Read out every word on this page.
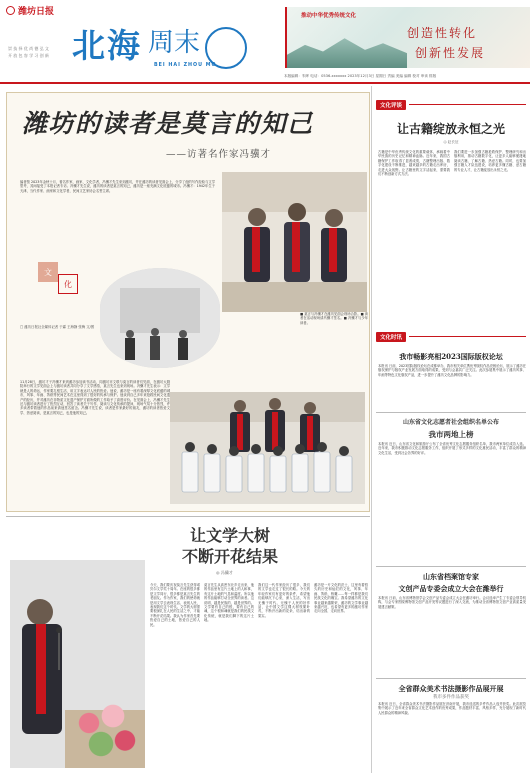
潍坊日报
崇 技 择 优 尚 德 弘 文 开 放 包 容 学 习 创 新 北海 周末
BEI HAI ZHOU MO
推动中华优秀传统文化
创造性转化
创新性发展
本版编辑：朱晖 电话：0536-xxxxxxx 2023年12月3日 星期日 责编 美编 编辑 校对 审读 排版
潍坊的读者是莫言的知己
——访著名作家冯骥才
编者按 2023年金秋十月，著名作家、画家、文化学者，冯骥才先生来到潍坊，并在潍坊的读者见面会上，分享了他的写作经验与文学思考，其间接受了本报记者专访。冯骥才先生说，潍坊的读者是莫言的知己，潍坊是一座充满文化底蕴的城市。冯骥才：1942年生于天津，当代作家、画家和文化学者，民间文艺家协会名誉主席。
文
化
■ 莫言与冯骥才在潍坊见面会现场合影。■ 读者在活动现场请冯骥才签名。■ 冯骥才与少年读者。
□ 潍坊日报社全媒体记者 于霖 王海静 张梅 文/图
11月28日，潍坊才子冯骥才来到潍坊参加读书活动，同潍坊市文联与莫言的读者们见面，在潍坊大剧院举行的文学见面会上与潍坊读者共同分享了文学感悟，莫言先生也来到现场。冯骥才先生表示：文学就是人的命运，作家要扎根生活，用文字表达对人民的热爱。他说，潍坊是一座有着深厚文化底蕴的城市，风筝、年画、剪纸等民间艺术在这里得到了很好的传承与保护。他谈到自己多年来抢救民间文化遗产的经历，并对潍坊在非物质文化遗产保护方面所做的工作给予了高度评价。在见面会上，冯骥才先生还与潍坊读者进行了热烈互动，回答了读者关于写作、阅读与文化传承的提问，现场气氛十分热烈，许多读者带着他的作品前来请他签名留念。冯骥才先生说，读者是作家最好的朋友，潍坊的读者热爱文学、热爱阅读，是莫言的知己，也是他的知己。
让文学大树
不断开花结果
◎ 冯骥才
今天，我们要庆祝莫言先生获得诺贝尔文学奖十周年。在座的很多都是文学同行，很多都是莫言先生的老朋友。作为作家，我们的使命就是用文学去表现生活、表现人民，表现我们这个时代。文学的大树需要根深扎在人民的生活之中，才能不断开花结果。我认为作家首先要热爱自己的土地，热爱自己的人民。
莫言先生从高密东北乡走出来，他的作品里有这片土地上的人和事，有这片土地的气息和温度。所以他的作品能够打动全世界的读者。这说明，越是民族的，越是世界的。文学要有自己的根，要有自己的魂，这个根和魂就是我们的民族文化传统，就是我们脚下的这片土地。
我们这一代作家经历了很多，我们的文学也走过了很长的路。今天的年轻作家们有更好的条件，希望他们能够沉下心来，深入生活，写出无愧于时代、无愧于人民的好作品，让中国文学这棵大树枝繁叶茂，不断开出新的花朵、结出新的果实。
潍坊是一片文化的沃土，这里有着悠久的历史和灿烂的文化，风筝、年画、剪纸、核雕……每一样都是我们民族文化的瑰宝。我希望潍坊的文化事业越来越繁荣，潍坊的文学事业越来越兴旺，也希望有更多的潍坊作家走向全国、走向世界。
文化评谈
让古籍绽放永恒之光
◎ 赵长征
古籍是中华优秀传统文化的重要载体，承载着中华民族的历史记忆和精神血脉。近年来，我国古籍保护工作取得了显著成绩，古籍整理出版、数字化建设不断推进，越来越多的古籍走出库房，走进大众视野。让古籍里的文字活起来，需要我们不断创新方式方法。
我们要进一步加强古籍抢救保护、整理研究和出版利用，推动古籍数字化，让更多人能够便捷地阅读古籍、了解古籍、热爱古籍。同时，也要加强古籍人才队伍建设，培养更多懂古籍、爱古籍的专业人才，让古籍绽放出永恒之光。
文化时讯
我市畅影亮相2023国际版权论坛
本报讯 日前，2023国际版权论坛在成都举办，我市相关单位携优秀版权作品亮相论坛，展示了潍坊在版权保护与版权产业发展方面取得的成果，受到与会嘉宾广泛关注。此次参展集中展示了潍坊风筝、年画等特色文化版权产品，进一步提升了潍坊文化品牌的影响力。
山东省文化志愿者社会组织名单公布
我市两地上榜
本报讯 近日，山东省文化和旅游厅公布了全省优秀文化志愿服务组织名单，我市两家单位成功入选。近年来，我市积极推动文化志愿服务工作，组织开展了形式多样的文化惠民活动，丰富了群众的精神文化生活，受到社会各界的好评。
山东省档案馆专家
文创产品专委会成立大会在潍举行
本报讯 日前，山东省博物馆学会文创产品专委会成立大会在潍坊举行。会议选举产生了专委会领导机构，与会专家围绕博物馆文创产品开发等议题进行了深入交流，为推动全省博物馆文创产业高质量发展建言献策。
全省群众美术书法摄影作品展开展
我市多件作品获奖
本报讯 近日，全省群众美术书法摄影作品展在济南开展，我市选送的多件作品入选并获奖。此次展览集中展示了近年来全省群众文化艺术创作的优秀成果，作品题材丰富、风格多样，充分展现了新时代人民群众的精神风貌。
